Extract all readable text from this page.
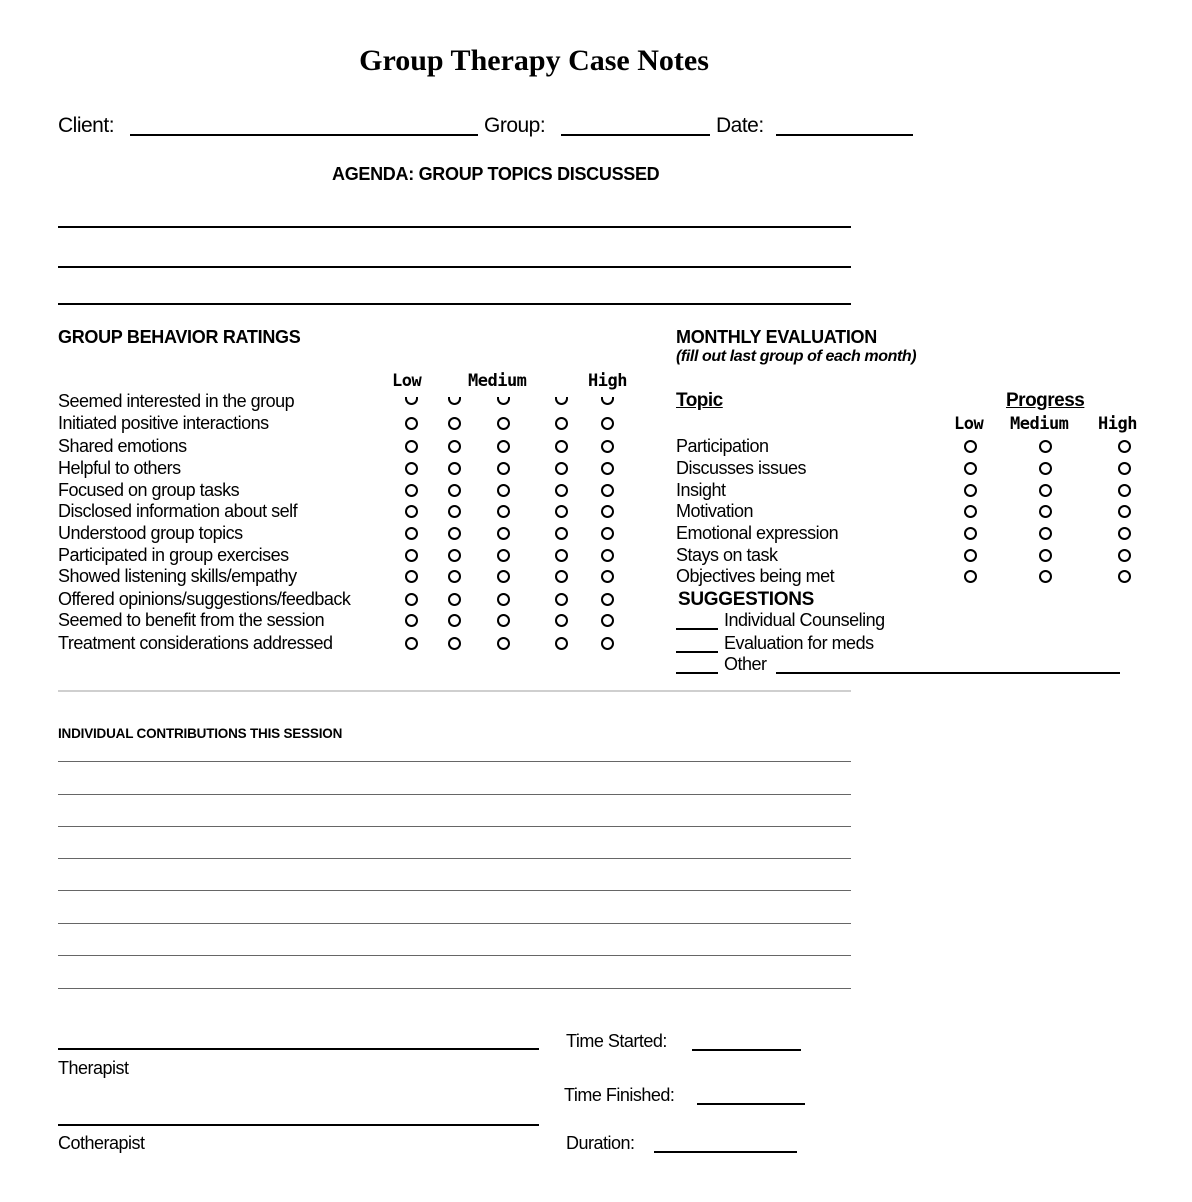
Group Therapy Case Notes
Client:	Group:	Date:
AGENDA: GROUP TOPICS DISCUSSED
GROUP BEHAVIOR RATINGS
Low	Medium	High
Seemed interested in the group
Initiated positive interactions
Shared emotions
Helpful to others
Focused on group tasks
Disclosed information about self
Understood group topics
Participated in group exercises
Showed listening skills/empathy
Offered opinions/suggestions/feedback
Seemed to benefit from the session
Treatment considerations addressed
MONTHLY EVALUATION
(fill out last group of each month)
Topic	Progress
Low Medium High
Participation
Discusses issues
Insight
Motivation
Emotional expression
Stays on task
Objectives being met
SUGGESTIONS
Individual Counseling
Evaluation for meds
Other
INDIVIDUAL CONTRIBUTIONS THIS SESSION
Therapist
Cotherapist
Time Started:
Time Finished:
Duration:
